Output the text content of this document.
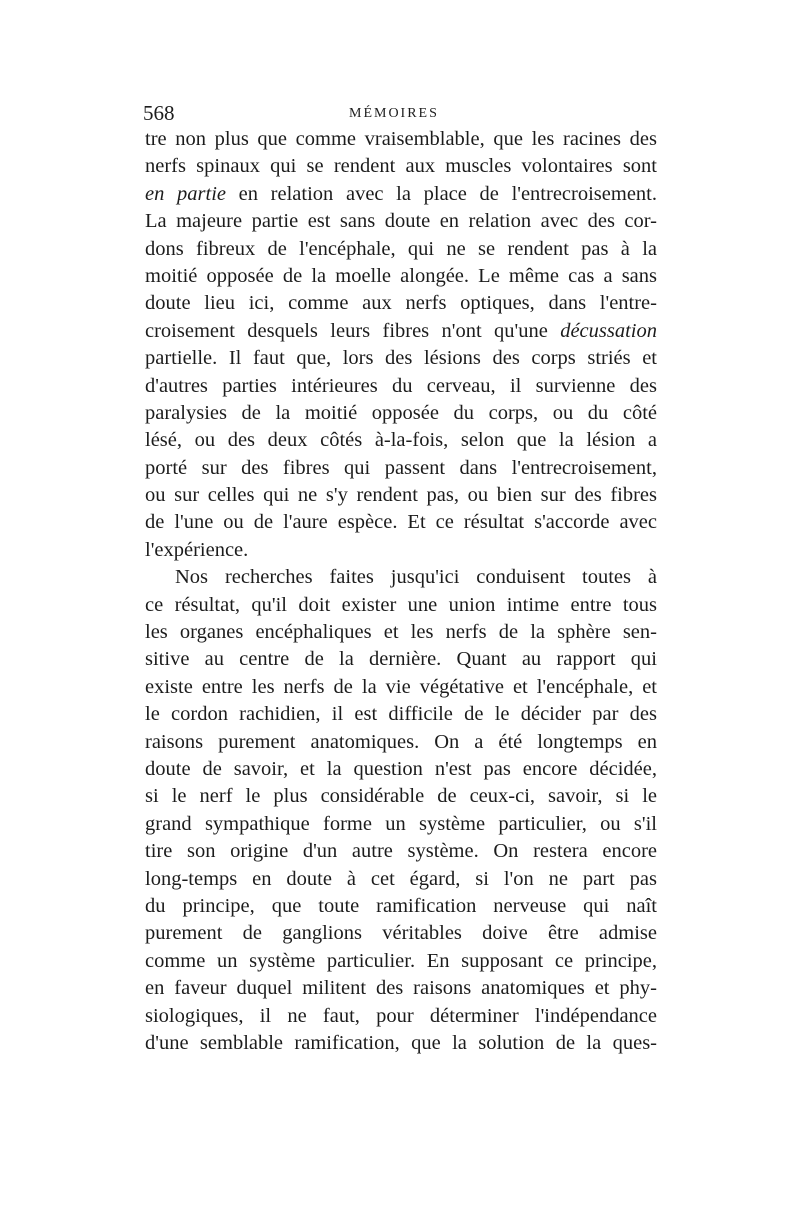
568	MÉMOIRES
tre non plus que comme vraisemblable, que les racines des
nerfs spinaux qui se rendent aux muscles volontaires sont
en partie en relation avec la place de l'entrecroisement.
La majeure partie est sans doute en relation avec des cor-
dons fibreux de l'encéphale, qui ne se rendent pas à la
moitié opposée de la moelle alongée. Le même cas a sans
doute lieu ici, comme aux nerfs optiques, dans l'entre-
croisement desquels leurs fibres n'ont qu'une décussation
partielle. Il faut que, lors des lésions des corps striés et
d'autres parties intérieures du cerveau, il survienne des
paralysies de la moitié opposée du corps, ou du côté
lésé, ou des deux côtés à-la-fois, selon que la lésion a
porté sur des fibres qui passent dans l'entrecroisement,
ou sur celles qui ne s'y rendent pas, ou bien sur des fibres
de l'une ou de l'aure espèce. Et ce résultat s'accorde avec
l'expérience.
Nos recherches faites jusqu'ici conduisent toutes à
ce résultat, qu'il doit exister une union intime entre tous
les organes encéphaliques et les nerfs de la sphère sen-
sitive au centre de la dernière. Quant au rapport qui
existe entre les nerfs de la vie végétative et l'encéphale, et
le cordon rachidien, il est difficile de le décider par des
raisons purement anatomiques. On a été longtemps en
doute de savoir, et la question n'est pas encore décidée,
si le nerf le plus considérable de ceux-ci, savoir, si le
grand sympathique forme un système particulier, ou s'il
tire son origine d'un autre système. On restera encore
long-temps en doute à cet égard, si l'on ne part pas
du principe, que toute ramification nerveuse qui naît
purement de ganglions véritables doive être admise
comme un système particulier. En supposant ce principe,
en faveur duquel militent des raisons anatomiques et phy-
siologiques, il ne faut, pour déterminer l'indépendance
d'une semblable ramification, que la solution de la ques-
